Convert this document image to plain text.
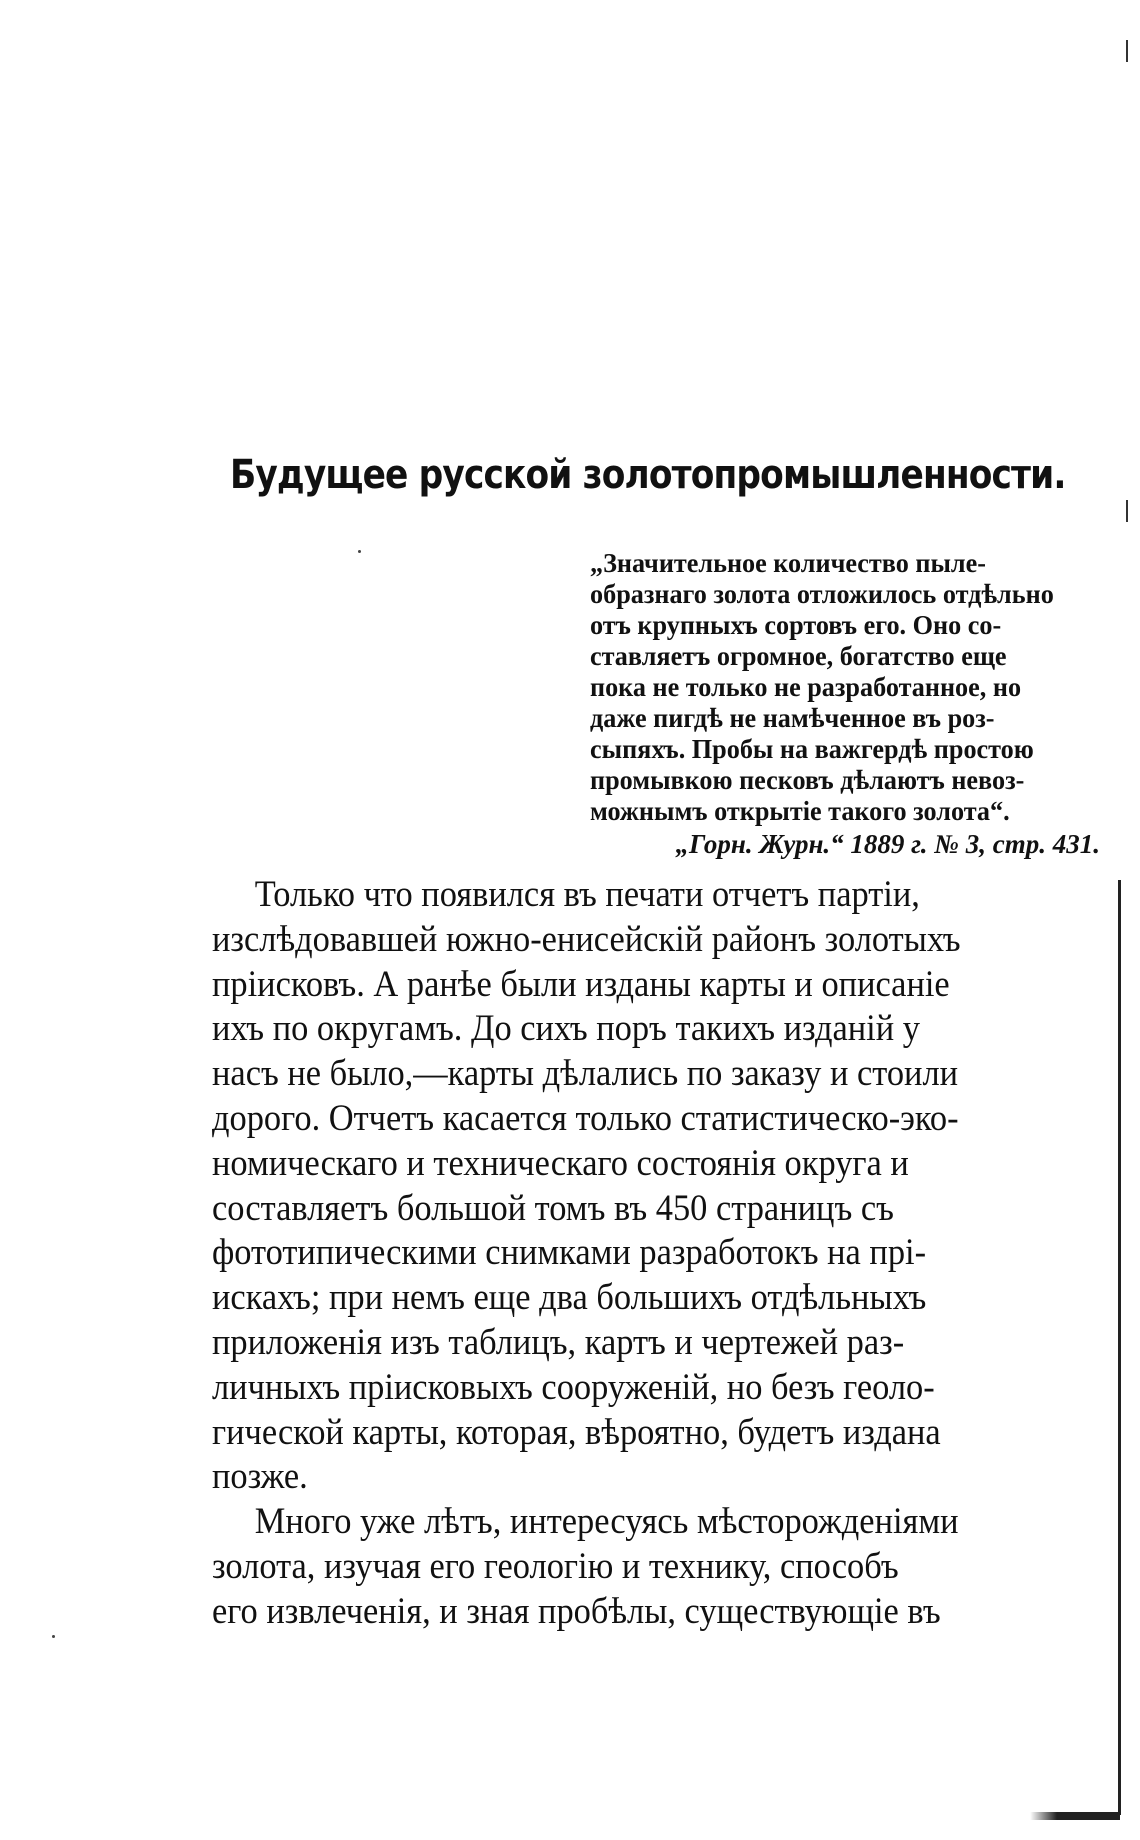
Будущее русской золотопромышленности.
„Значительное количество пыле-
образнаго золота отложилось отдѣльно
отъ крупныхъ сортовъ его. Оно со-
ставляетъ огромное, богатство еще
пока не только не разработанное, но
даже пигдѣ не намѣченное въ роз-
сыпяхъ. Пробы на важгердѣ простою
промывкою песковъ дѣлаютъ невоз-
можнымъ открытіе такого золота“.
„Горн. Журн.“ 1889 г. № 3, стр. 431.
Только что появился въ печати отчетъ партіи,
изслѣдовавшей южно-енисейскій районъ золотыхъ
пріисковъ. А ранѣе были изданы карты и описаніе
ихъ по округамъ. До сихъ поръ такихъ изданій у
насъ не было,—карты дѣлались по заказу и стоили
дорого. Отчетъ касается только статистическо-эко-
номическаго и техническаго состоянія округа и
составляетъ большой томъ въ 450 страницъ съ
фототипическими снимками разработокъ на прі-
искахъ; при немъ еще два большихъ отдѣльныхъ
приложенія изъ таблицъ, картъ и чертежей раз-
личныхъ пріисковыхъ сооруженій, но безъ геоло-
гической карты, которая, вѣроятно, будетъ издана
позже.
Много уже лѣтъ, интересуясь мѣсторожденіями
золота, изучая его геологію и технику, способъ
его извлеченія, и зная пробѣлы, существующіе въ
